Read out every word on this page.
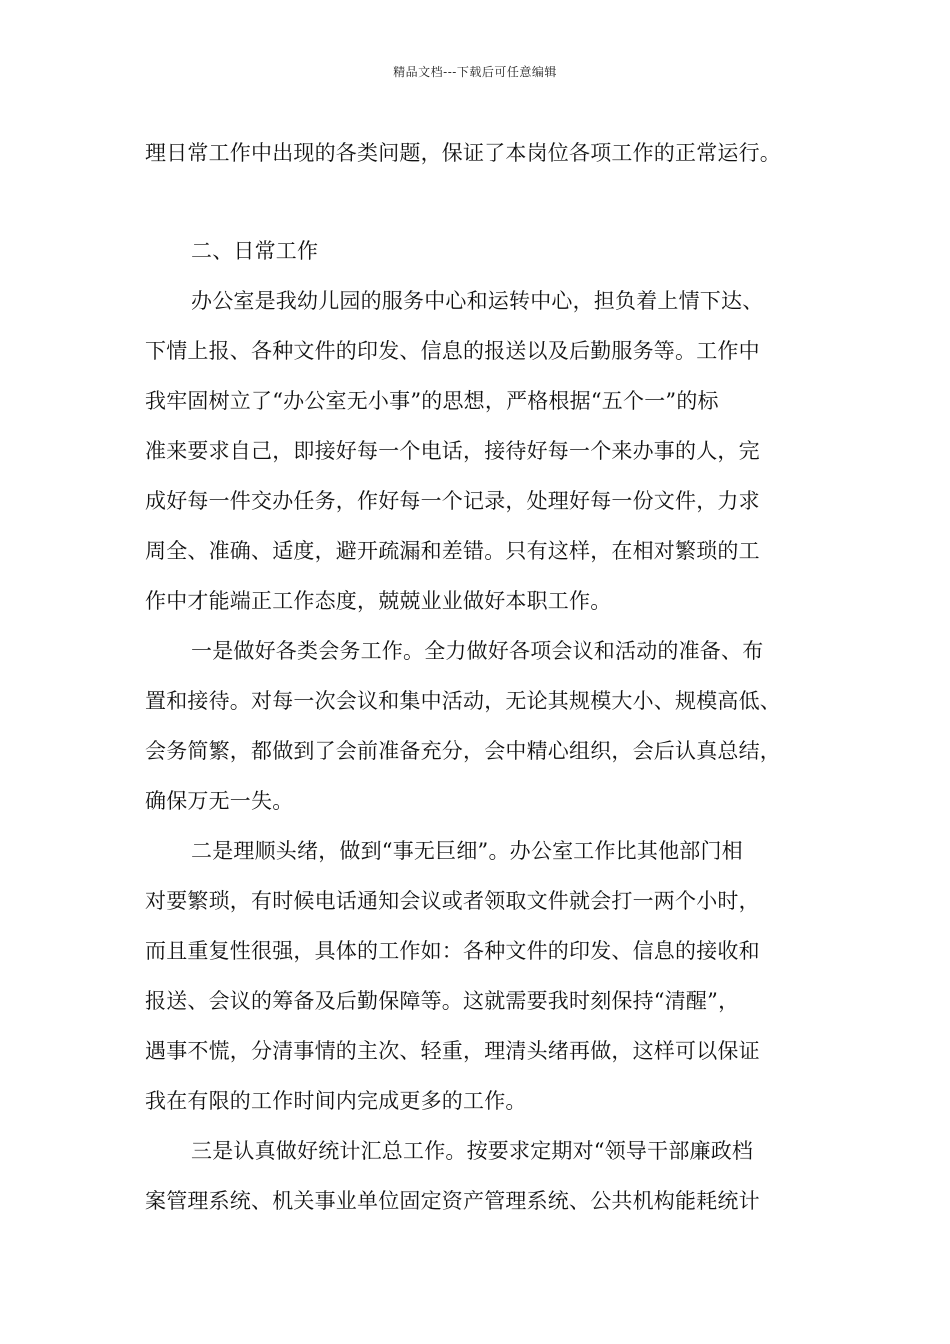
精品文档---下载后可任意编辑
理日常工作中出现的各类问题，保证了本岗位各项工作的正常运行。
二、日常工作
办公室是我幼儿园的服务中心和运转中心，担负着上情下达、
下情上报、各种文件的印发、信息的报送以及后勤服务等。工作中
我牢固树立了“办公室无小事”的思想，严格根据“五个一”的标
准来要求自己，即接好每一个电话，接待好每一个来办事的人，完
成好每一件交办任务，作好每一个记录，处理好每一份文件，力求
周全、准确、适度，避开疏漏和差错。只有这样，在相对繁琐的工
作中才能端正工作态度，兢兢业业做好本职工作。
一是做好各类会务工作。全力做好各项会议和活动的准备、布
置和接待。对每一次会议和集中活动，无论其规模大小、规模高低、
会务简繁，都做到了会前准备充分，会中精心组织，会后认真总结，
确保万无一失。
二是理顺头绪，做到“事无巨细”。办公室工作比其他部门相
对要繁琐，有时候电话通知会议或者领取文件就会打一两个小时，
而且重复性很强，具体的工作如：各种文件的印发、信息的接收和
报送、会议的筹备及后勤保障等。这就需要我时刻保持“清醒”，
遇事不慌，分清事情的主次、轻重，理清头绪再做，这样可以保证
我在有限的工作时间内完成更多的工作。
三是认真做好统计汇总工作。按要求定期对“领导干部廉政档
案管理系统、机关事业单位固定资产管理系统、公共机构能耗统计
